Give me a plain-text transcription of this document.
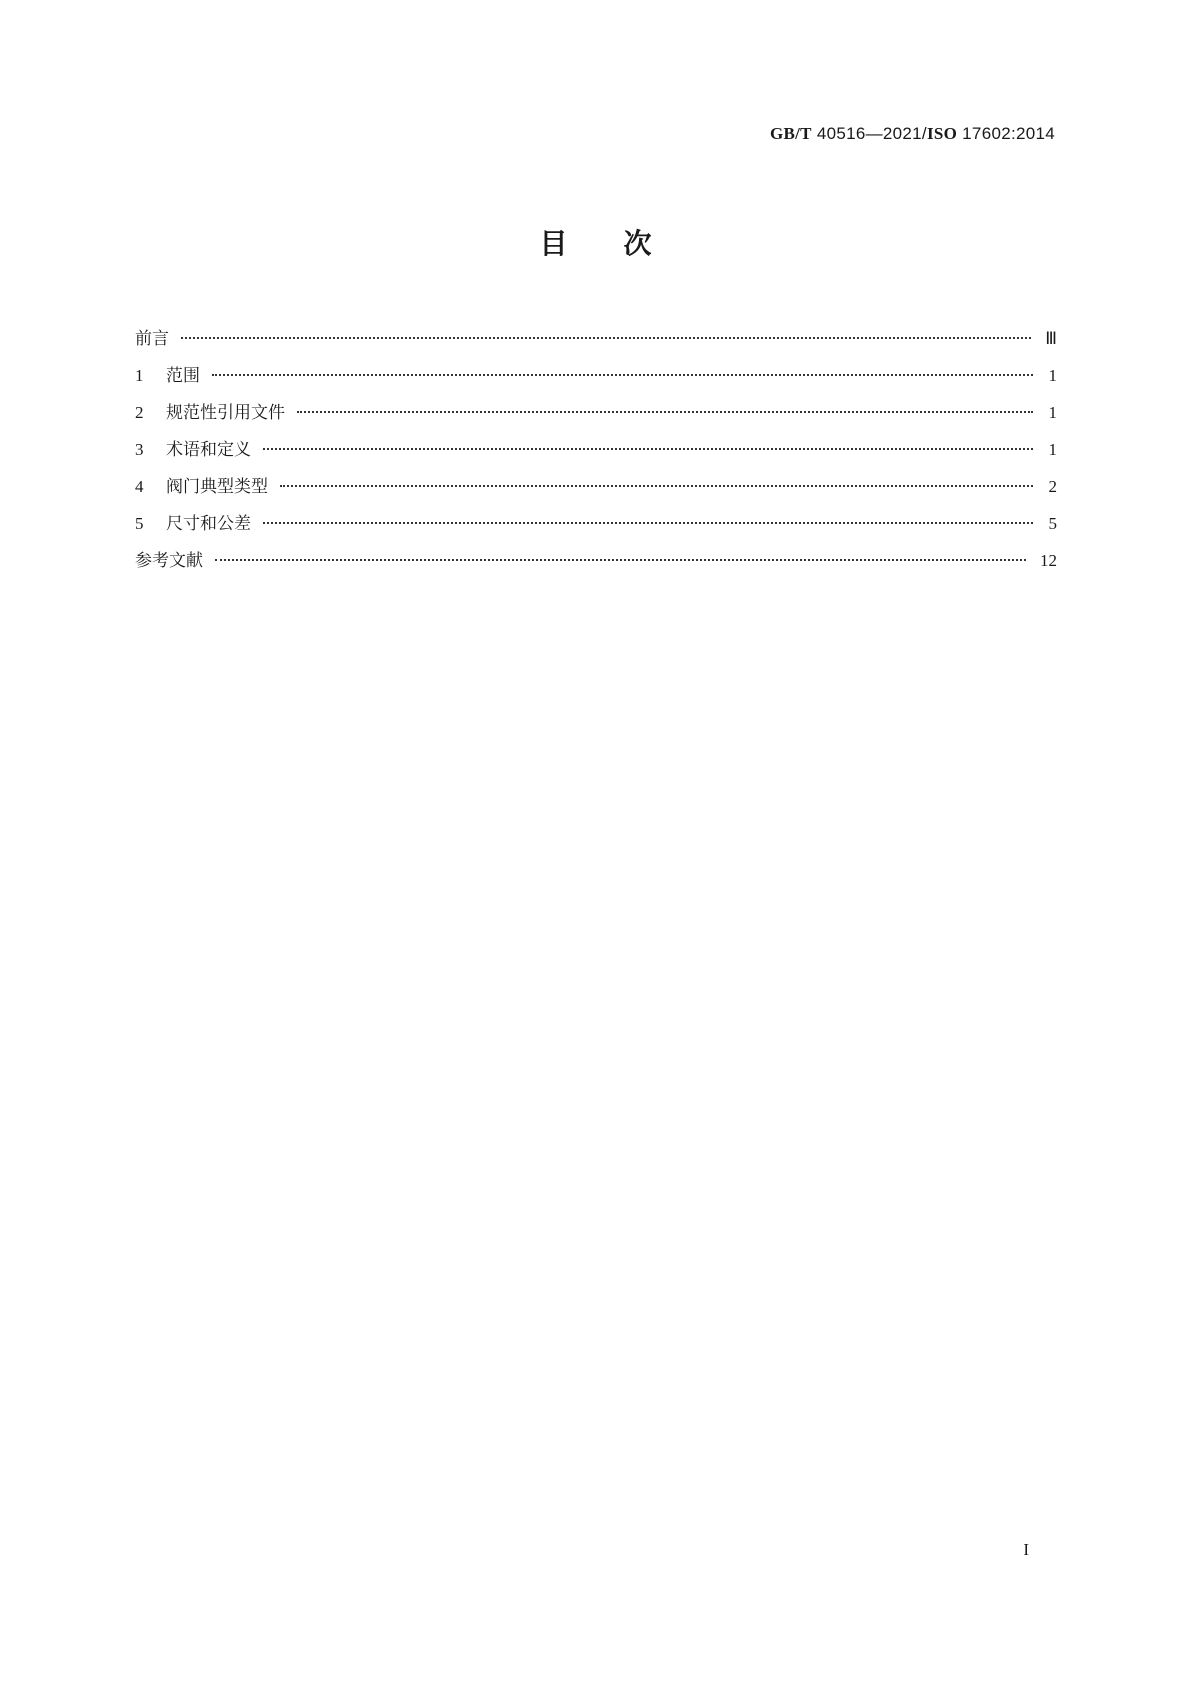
GB/T 40516—2021/ISO 17602:2014
目 次
前言	Ⅲ
1	范围	1
2	规范性引用文件	1
3	术语和定义	1
4	阀门典型类型	2
5	尺寸和公差	5
参考文献	12
I
